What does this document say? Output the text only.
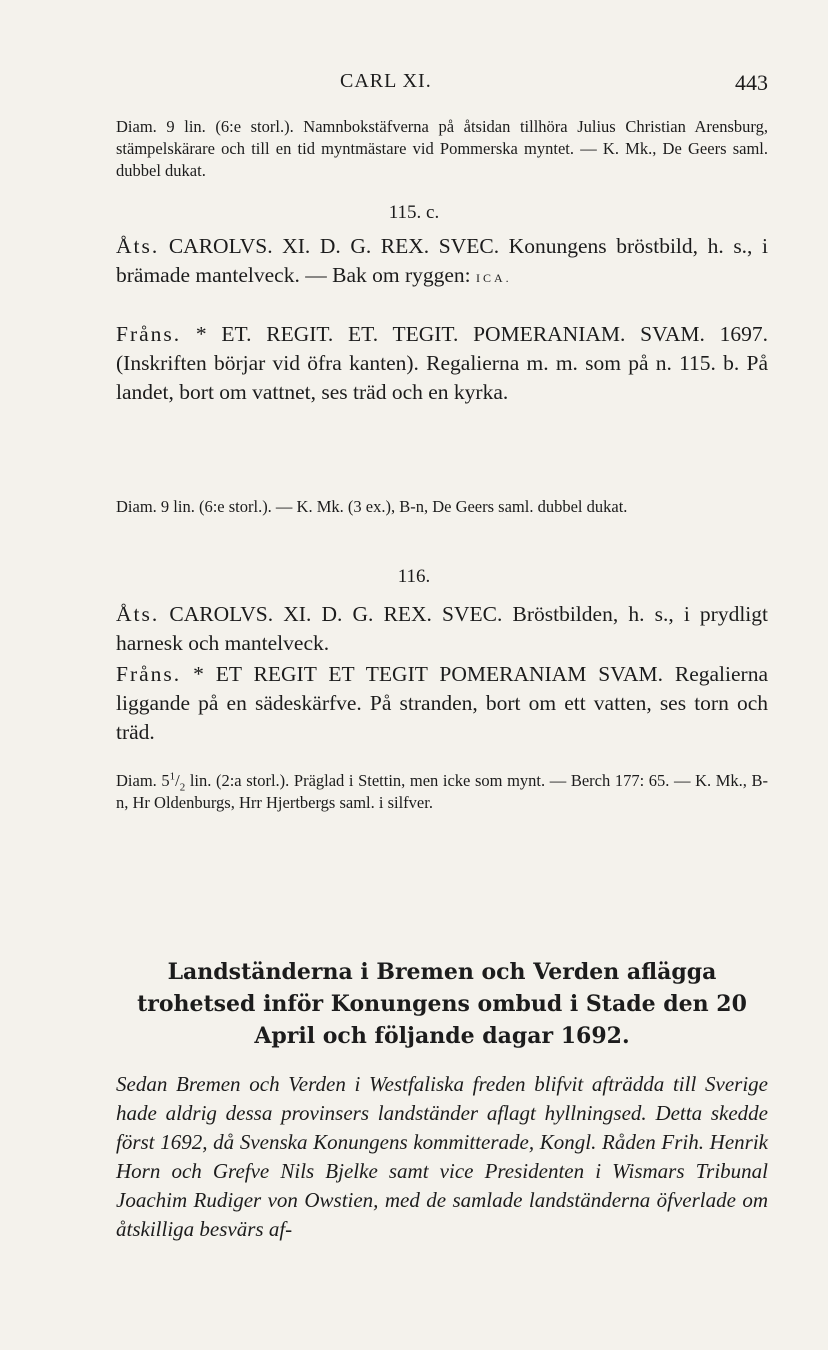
CARL XI.	443

Diam. 9 lin. (6:e storl.). Namnbokstäfverna på åtsidan tillhöra Julius Christian Arensburg, stämpelskärare och till en tid myntmästare vid Pommerska myntet. — K. Mk., De Geers saml. dubbel dukat.

115. c.

Åts. CAROLVS. XI. D. G. REX. SVEC. Konungens bröstbild, h. s., i brämade mantelveck. — Bak om ryggen: ICA.

Fråns. * ET. REGIT. ET. TEGIT. POMERANIAM. SVAM. 1697. (Inskriften börjar vid öfra kanten). Regalierna m. m. som på n. 115. b. På landet, bort om vattnet, ses träd och en kyrka.

Diam. 9 lin. (6:e storl.). — K. Mk. (3 ex.), B-n, De Geers saml. dubbel dukat.

116.

Åts. CAROLVS. XI. D. G. REX. SVEC. Bröstbilden, h. s., i prydligt harnesk och mantelveck.

Fråns. * ET REGIT ET TEGIT POMERANIAM SVAM. Regalierna liggande på en sädeskärfve. På stranden, bort om ett vatten, ses torn och träd.

Diam. $5^1/_2$ lin. (2:a storl.). Präglad i Stettin, men icke som mynt. — Berch 177: 65. — K. Mk., B-n, Hr Oldenburgs, Hrr Hjertbergs saml. i silfver.

Landständerna i Bremen och Verden aflägga trohetsed inför Konungens ombud i Stade den 20 April och följande dagar 1692.

Sedan Bremen och Verden i Westfaliska freden blifvit afträdda till Sverige hade aldrig dessa provinsers landständer aflagt hyllningsed. Detta skedde först 1692, då Svenska Konungens kommitterade, Kongl. Råden Frih. Henrik Horn och Grefve Nils Bjelke samt vice Presidenten i Wismars Tribunal Joachim Rudiger von Owstien, med de samlade landständerna öfverlade om åtskilliga besvärs af-
